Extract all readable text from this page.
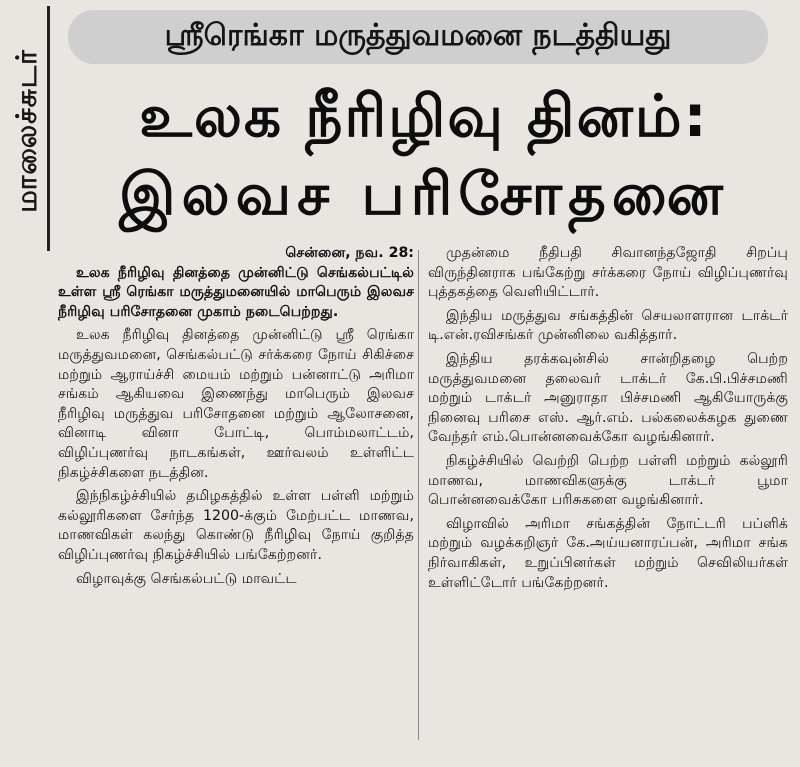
மாலைச்சுடர்
ஸ்ரீரெங்கா மருத்துவமனை நடத்தியது
உலக நீரிழிவு தினம்:
இலவச பரிசோதனை

சென்னை, நவ. 28:

உலக நீரிழிவு தினத்தை முன்னிட்டு செங்கல்பட்டில் உள்ள ஸ்ரீ ரெங்கா மருத்துமனையில் மாபெரும் இலவச நீரிழிவு பரிசோதனை முகாம் நடைபெற்றது.

உலக நீரிழிவு தினத்தை முன்னிட்டு ஸ்ரீ ரெங்கா மருத்துவமனை, செங்கல்பட்டு சர்க்கரை நோய் சிகிச்சை மற்றும் ஆராய்ச்சி மையம் மற்றும் பன்னாட்டு அரிமா சங்கம் ஆகியவை இணைந்து மாபெரும் இலவச நீரிழிவு மருத்துவ பரிசோதனை மற்றும் ஆலோசனை, வினாடி வினா போட்டி, பொம்மலாட்டம், விழிப்புணர்வு நாடகங்கள், ஊர்வலம் உள்ளிட்ட நிகழ்ச்சிகளை நடத்தின.

இந்நிகழ்ச்சியில் தமிழகத்தில் உள்ள பள்ளி மற்றும் கல்லூரிகளை சேர்ந்த 1200-க்கும் மேற்பட்ட மாணவ, மாணவிகள் கலந்து கொண்டு நீரிழிவு நோய் குறித்த விழிப்புணர்வு நிகழ்ச்சியில் பங்கேற்றனர்.

விழாவுக்கு செங்கல்பட்டு மாவட்ட

முதன்மை நீதிபதி சிவானந்தஜோதி சிறப்பு விருந்தினராக பங்கேற்று சர்க்கரை நோய் விழிப்புணர்வு புத்தகத்தை வெளியிட்டார்.

இந்திய மருத்துவ சங்கத்தின் செயலாளரான டாக்டர் டி.என்.ரவிசங்கர் முன்னிலை வகித்தார்.

இந்திய தரக்கவுன்சில் சான்றிதழை பெற்ற மருத்துவமனை தலைவர் டாக்டர் கே.பி.பிச்சமணி மற்றும் டாக்டர் அனுராதா பிச்சமணி ஆகியோருக்கு நினைவு பரிசை எஸ். ஆர்.எம். பல்கலைக்கழக துணை வேந்தர் எம்.பொன்னவைக்கோ வழங்கினார்.

நிகழ்ச்சியில் வெற்றி பெற்ற பள்ளி மற்றும் கல்லூரி மாணவ, மாணவிகளுக்கு டாக்டர் பூமா பொன்னவைக்கோ பரிசுகளை வழங்கினார்.

விழாவில் அரிமா சங்கத்தின் நோட்டரி பப்ளிக் மற்றும் வழக்கறிஞர் கே.அய்யனாரப்பன், அரிமா சங்க நிர்வாகிகள், உறுப்பினர்கள் மற்றும் செவிலியர்கள் உள்ளிட்டோர் பங்கேற்றனர்.
